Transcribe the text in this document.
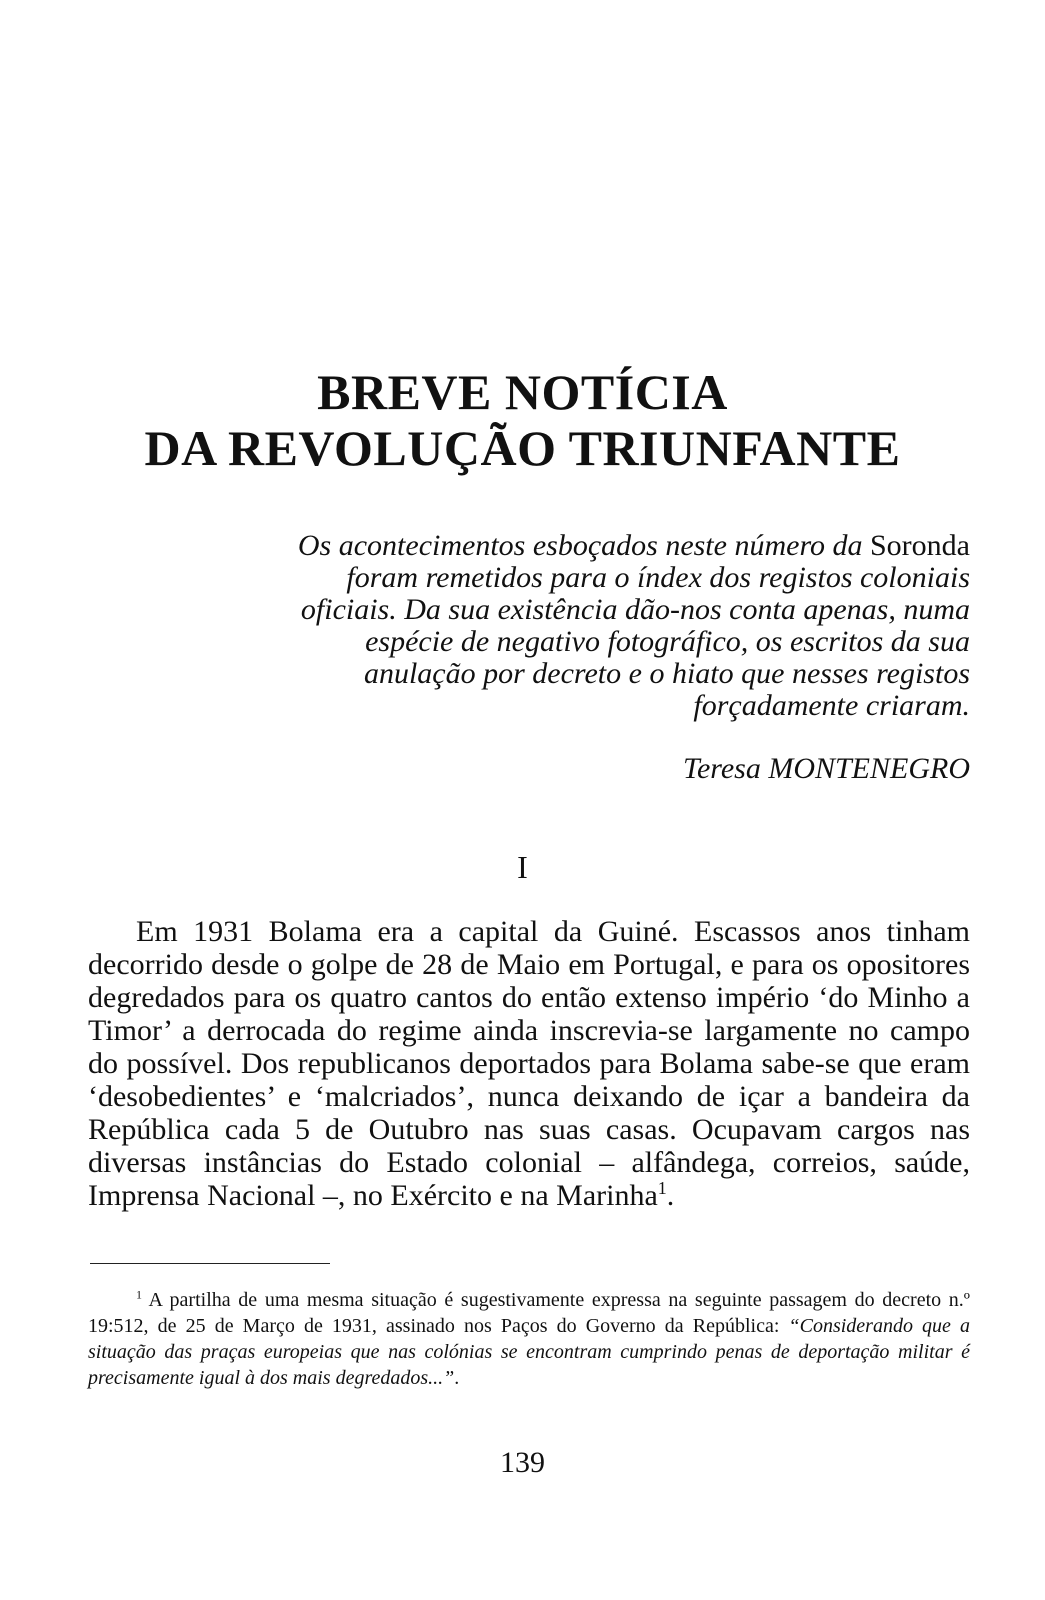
BREVE NOTÍCIA
DA REVOLUÇÃO TRIUNFANTE
Os acontecimentos esboçados neste número da Soronda foram remetidos para o índex dos registos coloniais oficiais. Da sua existência dão-nos conta apenas, numa espécie de negativo fotográfico, os escritos da sua anulação por decreto e o hiato que nesses registos forçadamente criaram.
Teresa MONTENEGRO
I

Em 1931 Bolama era a capital da Guiné. Escassos anos tinham decorrido desde o golpe de 28 de Maio em Portugal, e para os opositores degredados para os quatro cantos do então extenso império ‘do Minho a Timor’ a derrocada do regime ainda inscrevia-se largamente no campo do possível. Dos republicanos deportados para Bolama sabe-se que eram ‘desobedientes’ e ‘malcriados’, nunca deixando de içar a bandeira da República cada 5 de Outubro nas suas casas. Ocupavam cargos nas diversas instâncias do Estado colonial – alfândega, correios, saúde, Imprensa Nacional –, no Exército e na Marinha$^1$.

$^1$ A partilha de uma mesma situação é sugestivamente expressa na seguinte passagem do decreto n.º 19:512, de 25 de Março de 1931, assinado nos Paços do Governo da República: “Considerando que a situação das praças europeias que nas colónias se encontram cumprindo penas de deportação militar é precisamente igual à dos mais degredados...”.

139
